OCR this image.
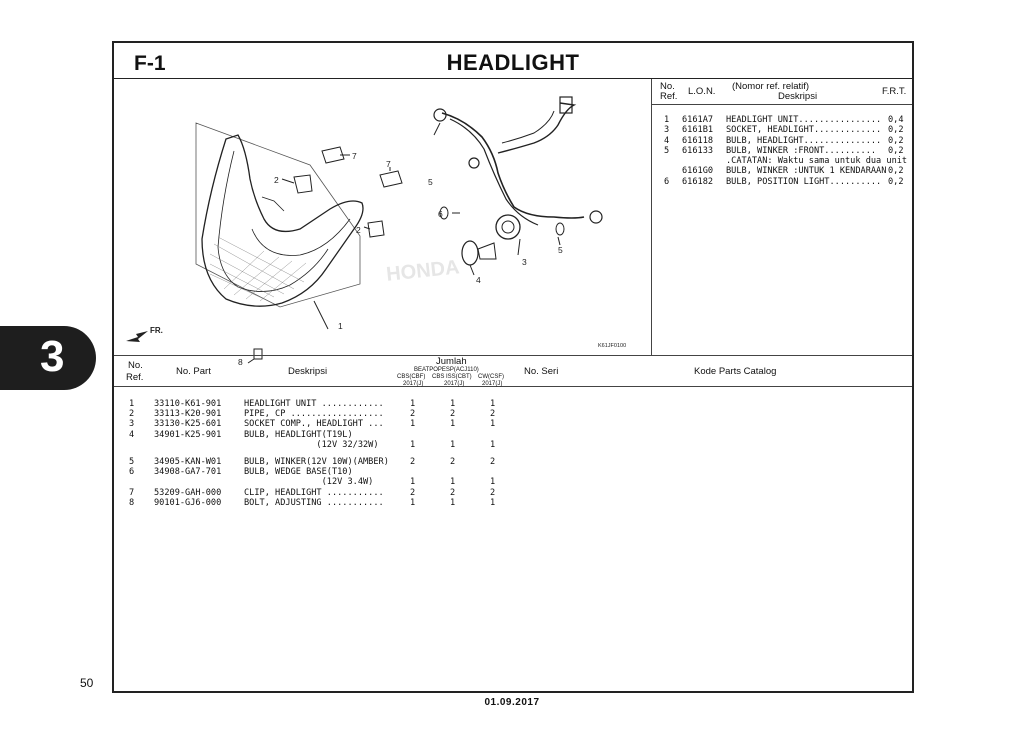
3
F-1	HEADLIGHT
HONDA
FR.	1
2
2
3
4
5
5
6
7
7
8
K61JF0100
No.
Ref. L.O.N. (Nomor ref. relatif)
Deskripsi	F.R.T.
1 6161A7 HEADLIGHT UNIT................ 0,4
3 6161B1 SOCKET, HEADLIGHT............. 0,2
4 616118 BULB, HEADLIGHT............... 0,2
5 616133 BULB, WINKER :FRONT.......... 0,2
.CATATAN: Waktu sama untuk dua unit
6161G0 BULB, WINKER :UNTUK 1 KENDARAAN 0,2
6 616182 BULB, POSITION LIGHT.......... 0,2
No.
Ref.
No. Part	Deskripsi
Jumlah
BEATPOPESP(ACJ110)
CBS(CBF)
2017(J)
CBS ISS(CBT)
2017(J)
CW(CSF)
2017(J)
No. Seri	Kode Parts Catalog
1 33110-K61-901	HEADLIGHT UNIT ............	1	1	1
2 33113-K20-901	PIPE, CP ..................	2	2	2
3 33130-K25-601	SOCKET COMP., HEADLIGHT ...	1	1	1
4 34901-K25-901	BULB, HEADLIGHT(T19L)
(12V 32/32W)	1	1	1
5 34905-KAN-W01	BULB, WINKER(12V 10W)(AMBER) 2	2	2
6 34908-GA7-701	BULB, WEDGE BASE(T10)
(12V 3.4W)	1	1	1
7 53209-GAH-000	CLIP, HEADLIGHT ...........	2	2	2
8 90101-GJ6-000	BOLT, ADJUSTING ...........	1	1	1
50
01.09.2017
